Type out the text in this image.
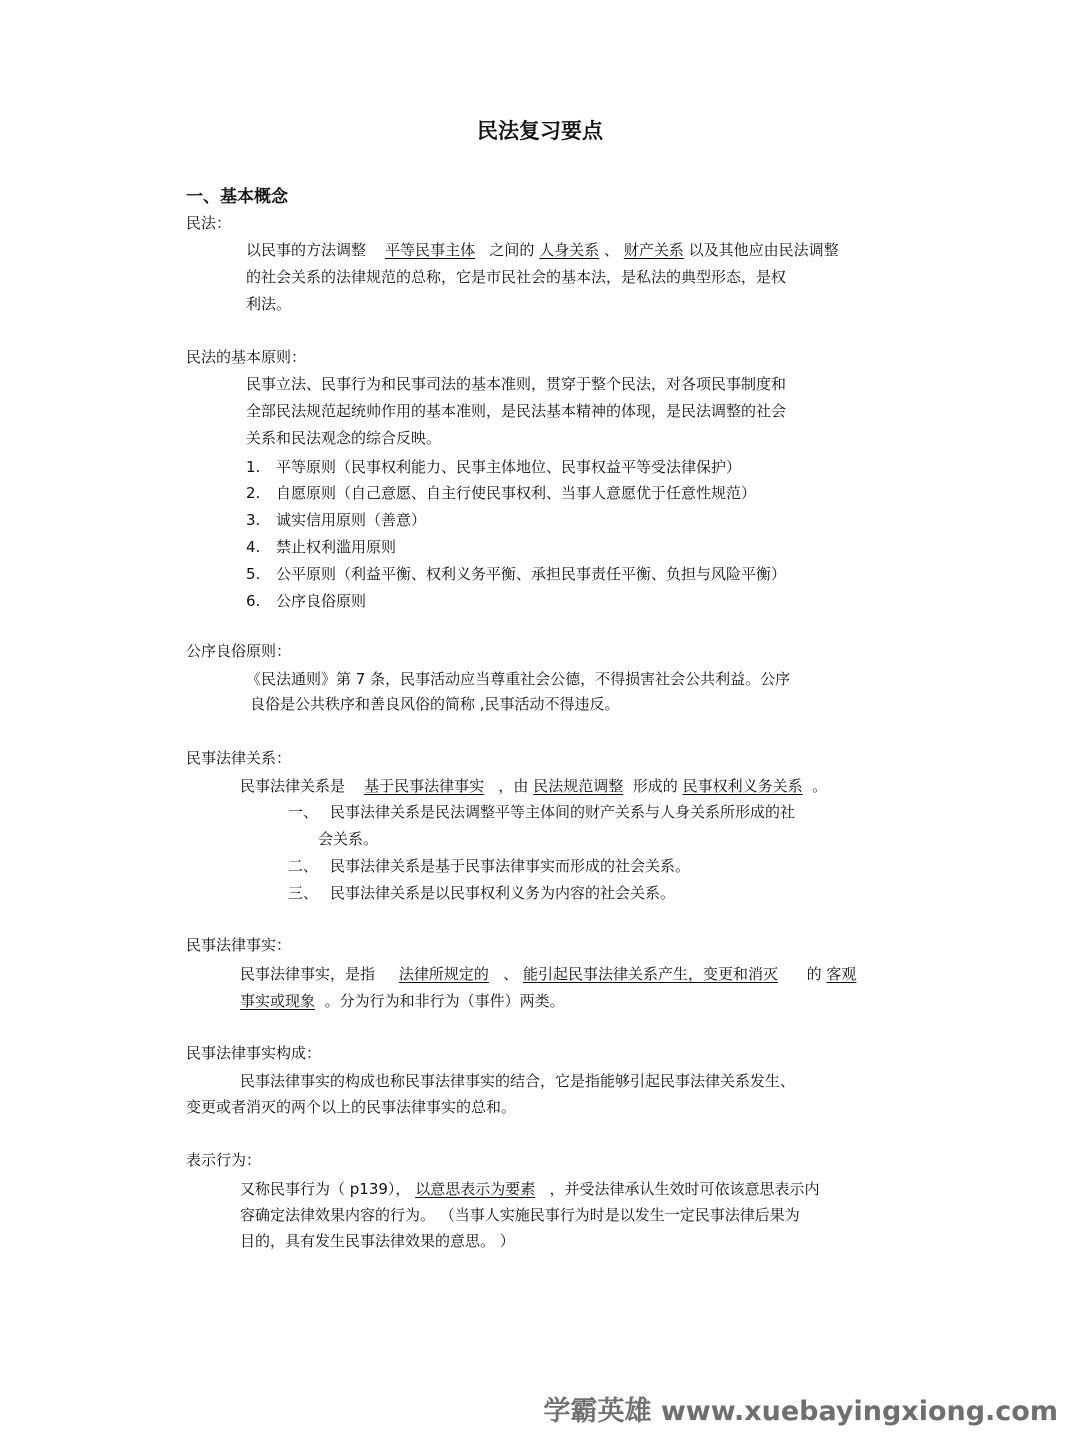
民法复习要点
一、基本概念
民法：
以民事的方法调整 平等民事主体 之间的 人身关系 、 财产关系 以及其他应由民法调整
的社会关系的法律规范的总称，它是市民社会的基本法，是私法的典型形态，是权
利法。
民法的基本原则：
民事立法、民事行为和民事司法的基本准则，贯穿于整个民法，对各项民事制度和
全部民法规范起统帅作用的基本准则，是民法基本精神的体现，是民法调整的社会
关系和民法观念的综合反映。
1. 平等原则（民事权利能力、民事主体地位、民事权益平等受法律保护）
2. 自愿原则（自己意愿、自主行使民事权利、当事人意愿优于任意性规范）
3. 诚实信用原则（善意）
4. 禁止权利滥用原则
5. 公平原则（利益平衡、权利义务平衡、承担民事责任平衡、负担与风险平衡）
6. 公序良俗原则
公序良俗原则：
《民法通则》第 7 条，民事活动应当尊重社会公德，不得损害社会公共利益。公序
良俗是公共秩序和善良风俗的简称 ,民事活动不得违反。
民事法律关系：
民事法律关系是 基于民事法律事实 ，由 民法规范调整 形成的 民事权利义务关系 。
一、 民事法律关系是民法调整平等主体间的财产关系与人身关系所形成的社
会关系。
二、 民事法律关系是基于民事法律事实而形成的社会关系。
三、 民事法律关系是以民事权利义务为内容的社会关系。
民事法律事实：
民事法律事实，是指 法律所规定的 、 能引起民事法律关系产生，变更和消灭 的 客观
事实或现象 。分为行为和非行为（事件）两类。
民事法律事实构成：
民事法律事实的构成也称民事法律事实的结合，它是指能够引起民事法律关系发生、
变更或者消灭的两个以上的民事法律事实的总和。
表示行为：
又称民事行为（ p139）， 以意思表示为要素 ，并受法律承认生效时可依该意思表示内
容确定法律效果内容的行为。 （当事人实施民事行为时是以发生一定民事法律后果为
目的，具有发生民事法律效果的意思。 ）
学霸英雄 www.xuebayingxiong.com
